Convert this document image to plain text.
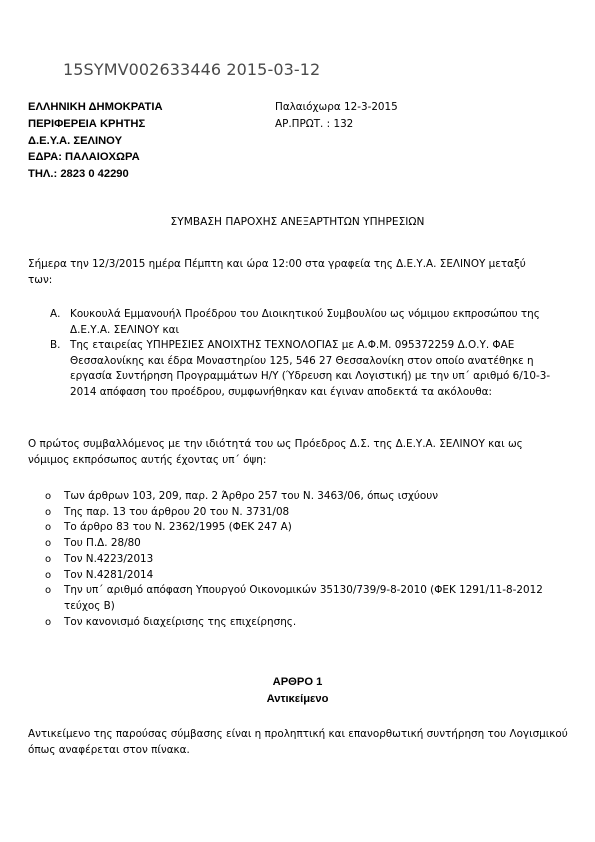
15SYMV002633446 2015-03-12
ΕΛΛΗΝΙΚΗ ΔΗΜΟΚΡΑΤΙΑ
ΠΕΡΙΦΕΡΕΙΑ ΚΡΗΤΗΣ
Δ.Ε.Υ.Α. ΣΕΛΙΝΟΥ
ΕΔΡΑ: ΠΑΛΑΙΟΧΩΡΑ
ΤΗΛ.: 2823 0 42290
Παλαιόχωρα 12-3-2015
ΑΡ.ΠΡΩΤ. : 132
ΣΥΜΒΑΣΗ ΠΑΡΟΧΗΣ ΑΝΕΞΑΡΤΗΤΩΝ ΥΠΗΡΕΣΙΩΝ

Σήμερα την 12/3/2015 ημέρα Πέμπτη και ώρα 12:00 στα γραφεία της Δ.Ε.Υ.Α. ΣΕΛΙΝΟΥ μεταξύ των:

Α. Κουκουλά Εμμανουήλ Προέδρου του Διοικητικού Συμβουλίου ως νόμιμου εκπροσώπου της Δ.Ε.Υ.Α. ΣΕΛΙΝΟΥ και
Β. Της εταιρείας ΥΠΗΡΕΣΙΕΣ ΑΝΟΙΧΤΗΣ ΤΕΧΝΟΛΟΓΙΑΣ με Α.Φ.Μ. 095372259 Δ.Ο.Υ. ΦΑΕ Θεσσαλονίκης και έδρα Μοναστηρίου 125, 546 27 Θεσσαλονίκη στον οποίο ανατέθηκε η εργασία Συντήρηση Προγραμμάτων Η/Υ (Ύδρευση και Λογιστική) με την υπ΄ αριθμό 6/10-3-2014 απόφαση του προέδρου, συμφωνήθηκαν και έγιναν αποδεκτά τα ακόλουθα:

Ο πρώτος συμβαλλόμενος με την ιδιότητά του ως Πρόεδρος Δ.Σ. της Δ.Ε.Υ.Α. ΣΕΛΙΝΟΥ και ως νόμιμος εκπρόσωπος αυτής έχοντας υπ΄ όψη:

o Των άρθρων 103, 209, παρ. 2 Άρθρο 257 του Ν. 3463/06, όπως ισχύουν
o Της παρ. 13 του άρθρου 20 του Ν. 3731/08
o Το άρθρο 83 του Ν. 2362/1995 (ΦΕΚ 247 Α)
o Του Π.Δ. 28/80
o Τον Ν.4223/2013
o Τον Ν.4281/2014
o Την υπ΄ αριθμό απόφαση Υπουργού Οικονομικών 35130/739/9-8-2010 (ΦΕΚ 1291/11-8-2012 τεύχος Β)
o Τον κανονισμό διαχείρισης της επιχείρησης.
ΑΡΘΡΟ 1
Αντικείμενο

Αντικείμενο της παρούσας σύμβασης είναι η προληπτική και επανορθωτική συντήρηση του Λογισμικού όπως αναφέρεται στον πίνακα.
